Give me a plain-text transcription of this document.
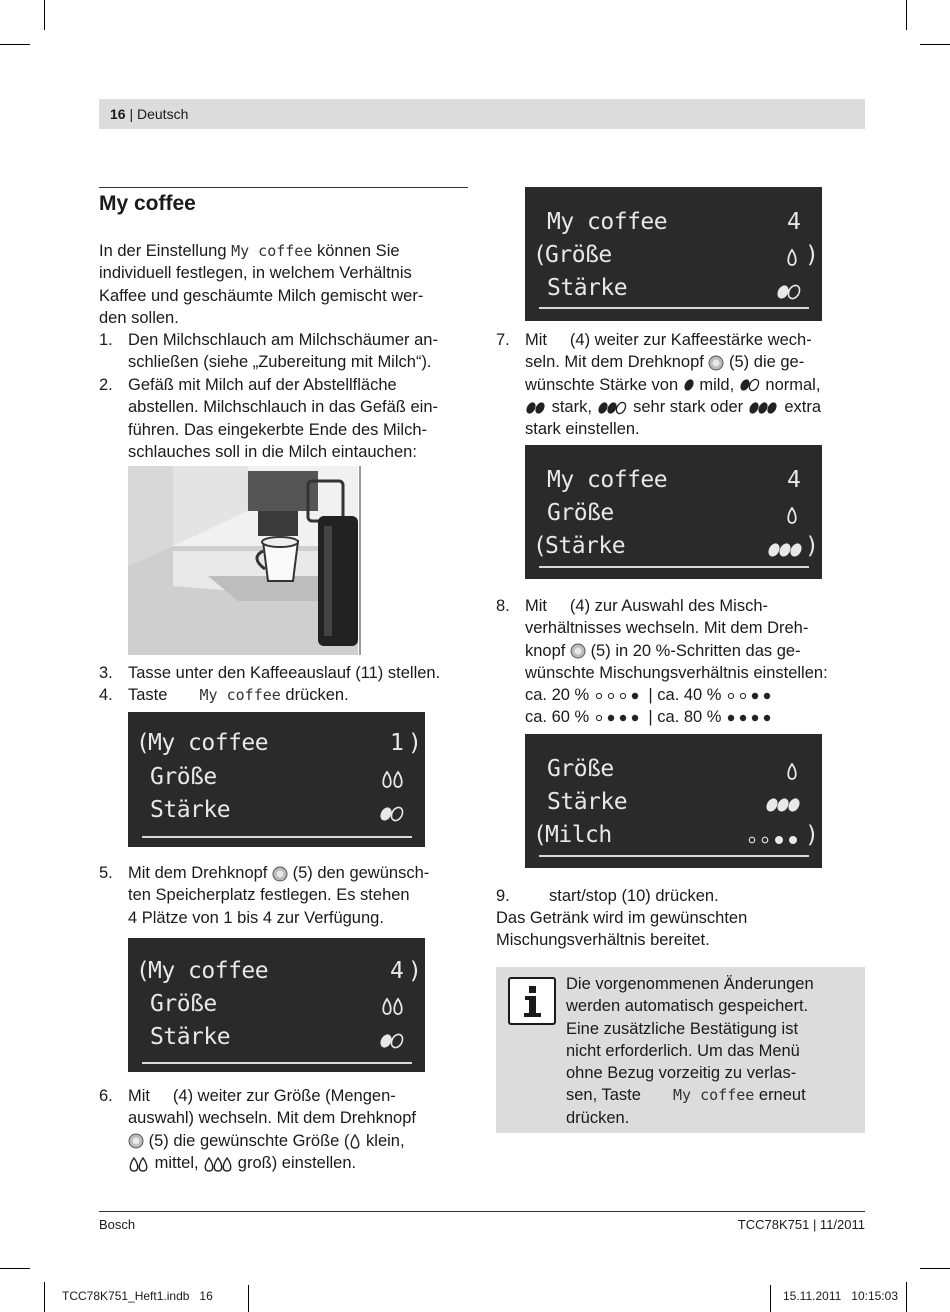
16 | Deutsch
My coffee
In der Einstellung My coffee können Sie
individuell festlegen, in welchem Verhältnis
Kaffee und geschäumte Milch gemischt wer-
den sollen.
1. Den Milchschlauch am Milchschäumer an-
schließen (siehe „Zubereitung mit Milch“).
2. Gefäß mit Milch auf der Abstellfläche
abstellen. Milchschlauch in das Gefäß ein-
führen. Das eingekerbte Ende des Milch-
schlauches soll in die Milch eintauchen:
3. Tasse unter den Kaffeeauslauf (11) stellen.
4. Taste My coffee drücken.
(
My coffee	1 )
Größe
Stärke
5. Mit dem Drehknopf (5) den gewünsch-
ten Speicherplatz festlegen. Es stehen
4 Plätze von 1 bis 4 zur Verfügung.
(
My coffee	4 )
Größe
Stärke
6. Mit (4) weiter zur Größe (Mengen-
auswahl) wechseln. Mit dem Drehknopf
(5) die gewünschte Größe ( klein,
mittel, groß) einstellen.
My coffee	4
(
Größe	)
Stärke
7. Mit (4) weiter zur Kaffeestärke wech-
seln. Mit dem Drehknopf (5) die ge-
wünschte Stärke von mild, normal,
stark, sehr stark oder extra
stark einstellen.
My coffee	4
Größe
(
Stärke	)
8. Mit (4) zur Auswahl des Misch-
verhältnisses wechseln. Mit dem Dreh-
knopf (5) in 20 %-Schritten das ge-
wünschte Mischungsverhältnis einstellen:
ca. 20 %	| ca. 40 %
ca. 60 %	| ca. 80 %
Größe
Stärke
(
Milch	)
9. start/stop (10) drücken.
Das Getränk wird im gewünschten
Mischungsverhältnis bereitet.
Die vorgenommenen Änderungen
werden automatisch gespeichert.
Eine zusätzliche Bestätigung ist
nicht erforderlich. Um das Menü
ohne Bezug vorzeitig zu verlas-
sen, Taste My coffee erneut
drücken.
Bosch	TCC78K751 | 11/2011
TCC78K751_Heft1.indb   16	15.11.2011   10:15:03
